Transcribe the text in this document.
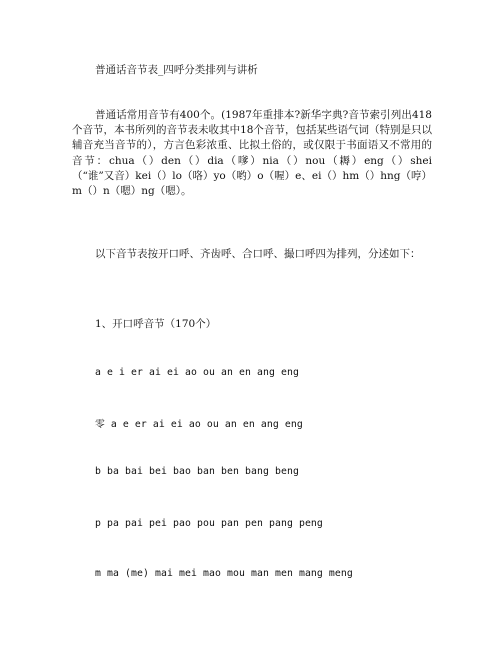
普通话音节表_四呼分类排列与讲析
普通话常用音节有400个。(1987年重排本?新华字典?音节索引列出418个音节，本书所列的音节表未收其中18个音节，包括某些语气词（特别是只以辅音充当音节的），方言色彩浓重、比拟土俗的，或仅限于书面语又不常用的音节：chua（）den（）dia（嗲）nia（）nou（耨）eng（）shei（“谁”又音）kei（）lo（咯）yo（哟）o（喔）e、ei（）hm（）hng（哼）m（）n（嗯）ng（嗯）。
以下音节表按开口呼、齐齿呼、合口呼、撮口呼四为排列，分述如下：
1、开口呼音节（170个）
a e i er ai ei ao ou an en ang eng
零 a e er ai ei ao ou an en ang eng
b ba bai bei bao ban ben bang beng
p pa pai pei pao pou pan pen pang peng
m ma (me) mai mei mao mou man men mang meng
